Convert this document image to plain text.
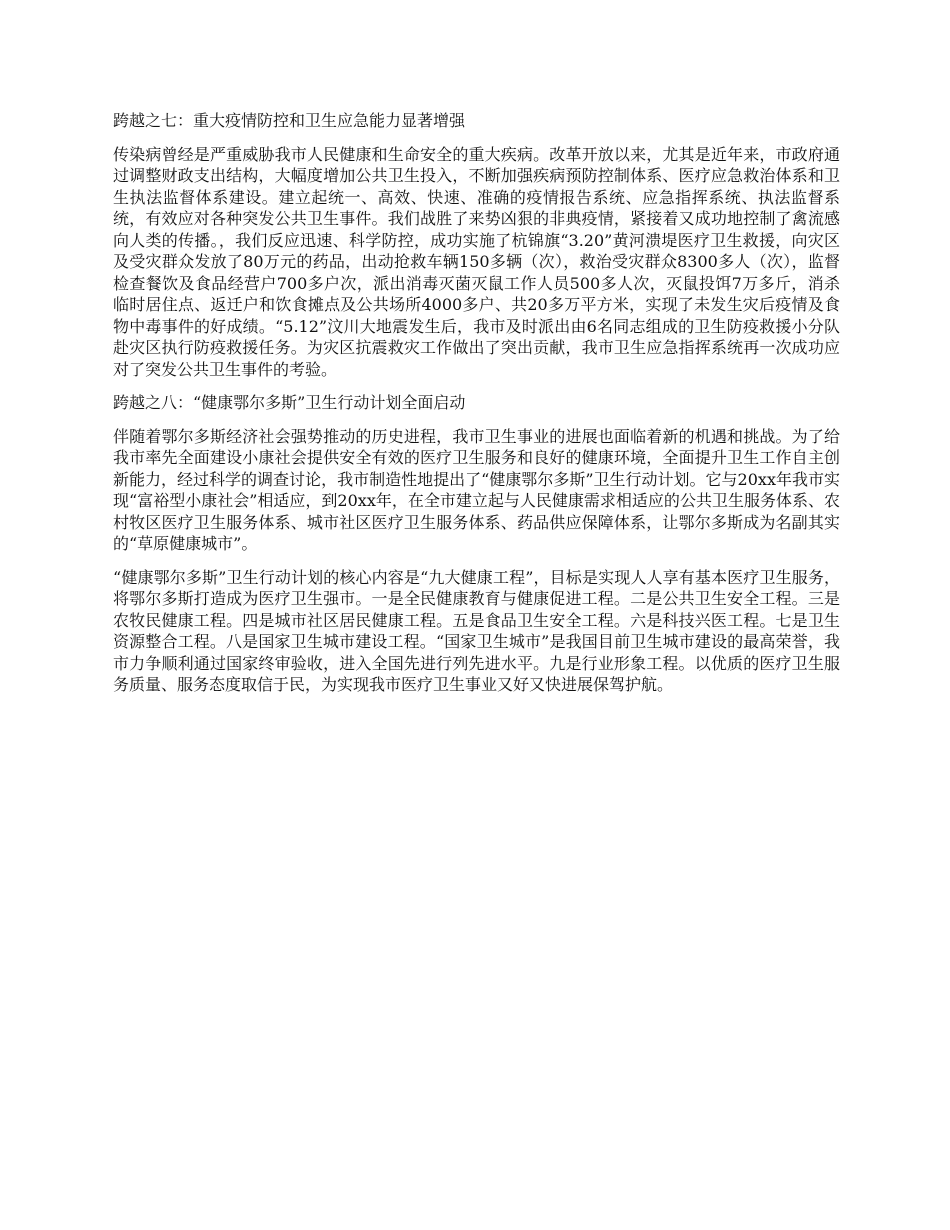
跨越之七：重大疫情防控和卫生应急能力显著增强

传染病曾经是严重威胁我市人民健康和生命安全的重大疾病。改革开放以来，尤其是近年来，市政府通过调整财政支出结构，大幅度增加公共卫生投入，不断加强疾病预防控制体系、医疗应急救治体系和卫生执法监督体系建设。建立起统一、高效、快速、准确的疫情报告系统、应急指挥系统、执法监督系统，有效应对各种突发公共卫生事件。我们战胜了来势凶狠的非典疫情，紧接着又成功地控制了禽流感向人类的传播。，我们反应迅速、科学防控，成功实施了杭锦旗“3.20”黄河溃堤医疗卫生救援，向灾区及受灾群众发放了80万元的药品，出动抢救车辆150多辆（次），救治受灾群众8300多人（次），监督检查餐饮及食品经营户700多户次，派出消毒灭菌灭鼠工作人员500多人次，灭鼠投饵7万多斤，消杀临时居住点、返迁户和饮食摊点及公共场所4000多户、共20多万平方米，实现了未发生灾后疫情及食物中毒事件的好成绩。“5.12”汶川大地震发生后，我市及时派出由6名同志组成的卫生防疫救援小分队赴灾区执行防疫救援任务。为灾区抗震救灾工作做出了突出贡献，我市卫生应急指挥系统再一次成功应对了突发公共卫生事件的考验。

跨越之八：“健康鄂尔多斯”卫生行动计划全面启动

伴随着鄂尔多斯经济社会强势推动的历史进程，我市卫生事业的进展也面临着新的机遇和挑战。为了给我市率先全面建设小康社会提供安全有效的医疗卫生服务和良好的健康环境，全面提升卫生工作自主创新能力，经过科学的调查讨论，我市制造性地提出了“健康鄂尔多斯”卫生行动计划。它与20xx年我市实现“富裕型小康社会”相适应，到20xx年，在全市建立起与人民健康需求相适应的公共卫生服务体系、农村牧区医疗卫生服务体系、城市社区医疗卫生服务体系、药品供应保障体系，让鄂尔多斯成为名副其实的“草原健康城市”。

“健康鄂尔多斯”卫生行动计划的核心内容是“九大健康工程”，目标是实现人人享有基本医疗卫生服务，将鄂尔多斯打造成为医疗卫生强市。一是全民健康教育与健康促进工程。二是公共卫生安全工程。三是农牧民健康工程。四是城市社区居民健康工程。五是食品卫生安全工程。六是科技兴医工程。七是卫生资源整合工程。八是国家卫生城市建设工程。“国家卫生城市”是我国目前卫生城市建设的最高荣誉，我市力争顺利通过国家终审验收，进入全国先进行列先进水平。九是行业形象工程。以优质的医疗卫生服务质量、服务态度取信于民，为实现我市医疗卫生事业又好又快进展保驾护航。
